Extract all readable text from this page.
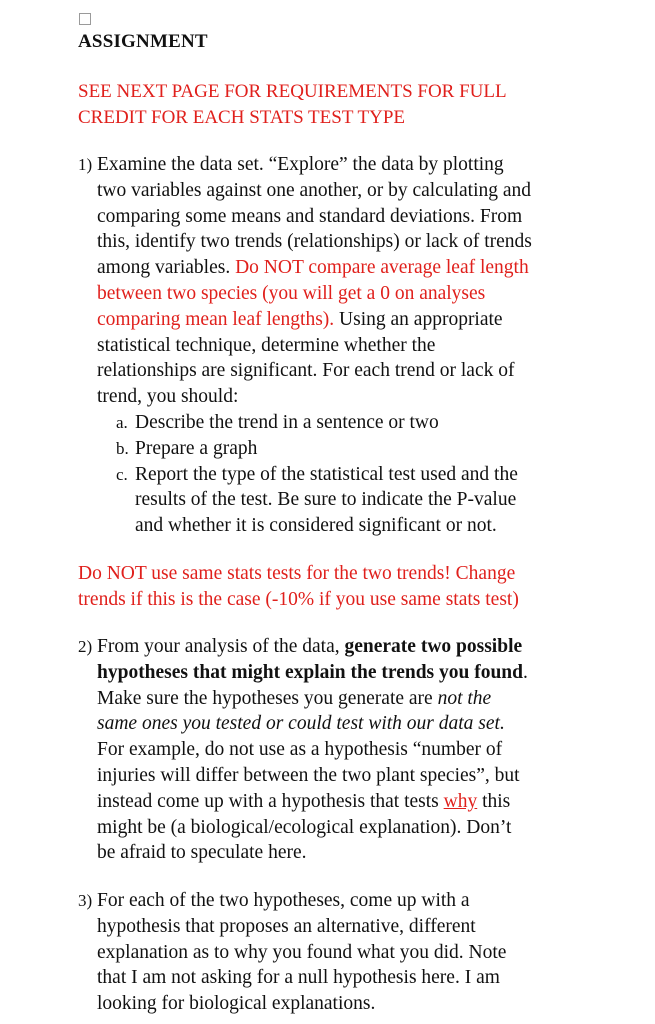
ASSIGNMENT
SEE NEXT PAGE FOR REQUIREMENTS FOR FULL
CREDIT FOR EACH STATS TEST TYPE
1) Examine the data set. “Explore” the data by plotting
two variables against one another, or by calculating and
comparing some means and standard deviations. From
this, identify two trends (relationships) or lack of trends
among variables. Do NOT compare average leaf length
between two species (you will get a 0 on analyses
comparing mean leaf lengths). Using an appropriate
statistical technique, determine whether the
relationships are significant. For each trend or lack of
trend, you should:
a. Describe the trend in a sentence or two
b. Prepare a graph
c. Report the type of the statistical test used and the
results of the test. Be sure to indicate the P-value
and whether it is considered significant or not.
Do NOT use same stats tests for the two trends! Change
trends if this is the case (-10% if you use same stats test)
2) From your analysis of the data, generate two possible
hypotheses that might explain the trends you found.
Make sure the hypotheses you generate are not the
same ones you tested or could test with our data set.
For example, do not use as a hypothesis “number of
injuries will differ between the two plant species”, but
instead come up with a hypothesis that tests why this
might be (a biological/ecological explanation). Don’t
be afraid to speculate here.
3) For each of the two hypotheses, come up with a
hypothesis that proposes an alternative, different
explanation as to why you found what you did. Note
that I am not asking for a null hypothesis here. I am
looking for biological explanations.
